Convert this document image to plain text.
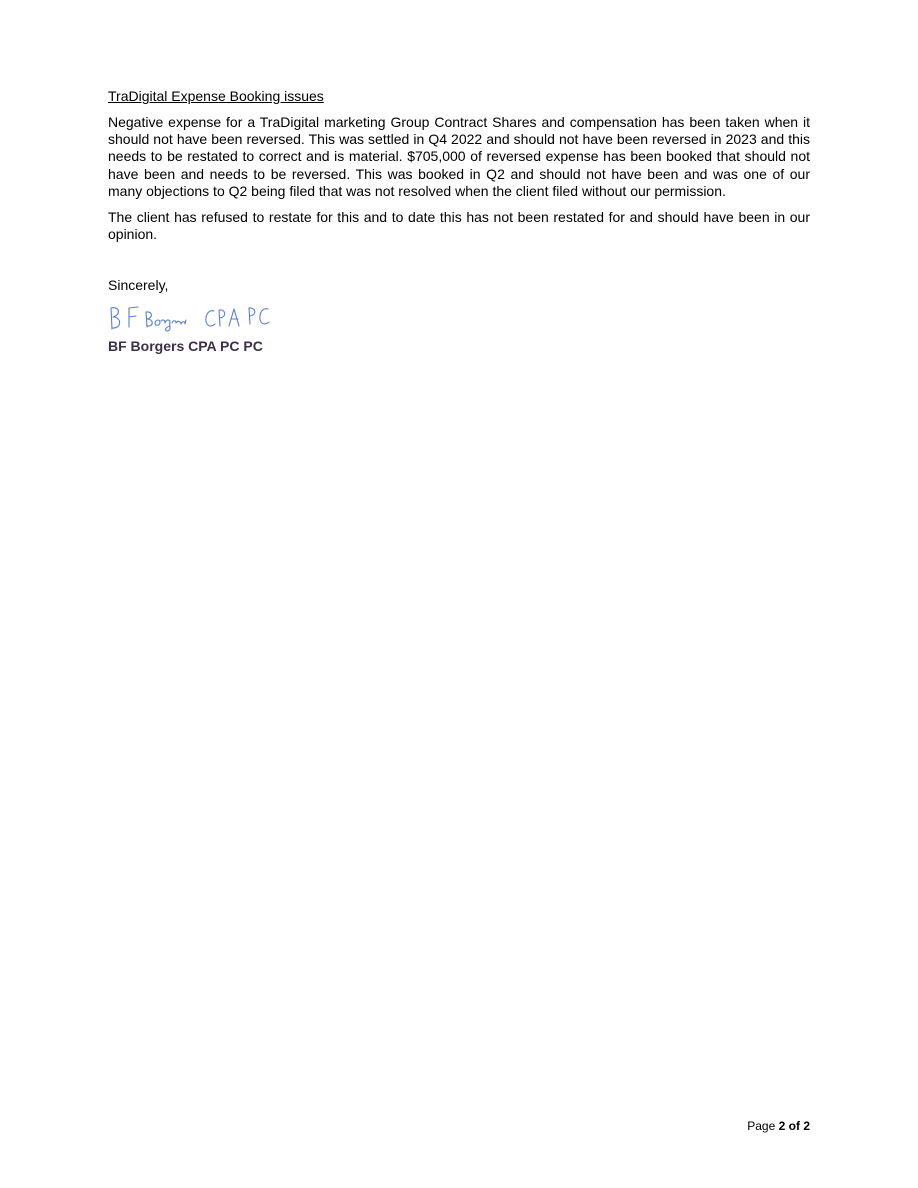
TraDigital Expense Booking issues

Negative expense for a TraDigital marketing Group Contract Shares and compensation has been taken when it should not have been reversed. This was settled in Q4 2022 and should not have been reversed in 2023 and this needs to be restated to correct and is material. $705,000 of reversed expense has been booked that should not have been and needs to be reversed. This was booked in Q2 and should not have been and was one of our many objections to Q2 being filed that was not resolved when the client filed without our permission.

The client has refused to restate for this and to date this has not been restated for and should have been in our opinion.

Sincerely,
BF Borgers CPA PC PC
Page 2 of 2
